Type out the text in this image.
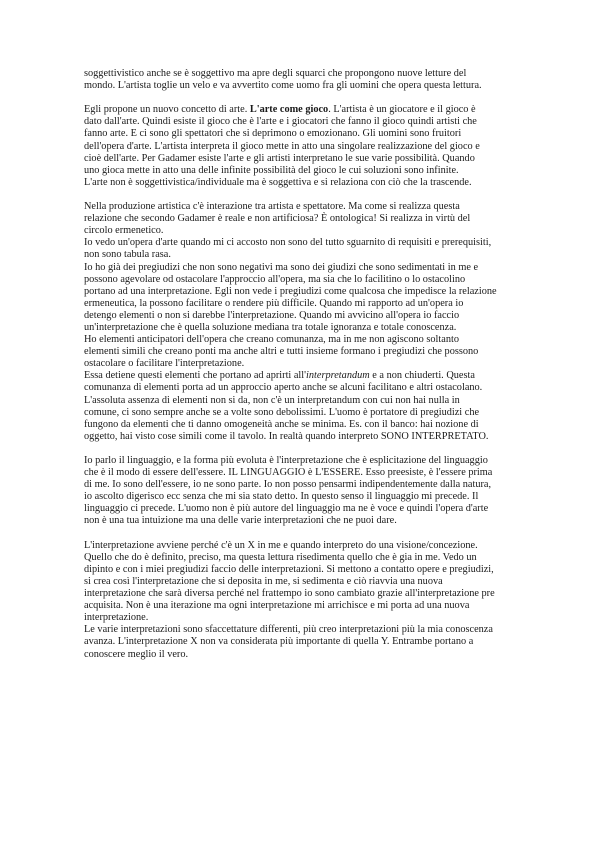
soggettivistico anche se è soggettivo ma apre degli squarci che propongono nuove letture del
mondo. L'artista toglie un velo e va avvertito come uomo fra gli uomini che opera questa lettura.
Egli propone un nuovo concetto di arte. L'arte come gioco. L'artista è un giocatore e il gioco è
dato dall'arte. Quindi esiste il gioco che è l'arte e i giocatori che fanno il gioco quindi artisti che
fanno arte. E ci sono gli spettatori che si deprimono o emozionano. Gli uomini sono fruitori
dell'opera d'arte. L'artista interpreta il gioco mette in atto una singolare realizzazione del gioco e
cioè dell'arte. Per Gadamer esiste l'arte e gli artisti interpretano le sue varie possibilità. Quando
uno gioca mette in atto una delle infinite possibilità del gioco le cui soluzioni sono infinite.
L'arte non è soggettivistica/individuale ma è soggettiva e si relaziona con ciò che la trascende.
Nella produzione artistica c'è interazione tra artista e spettatore. Ma come si realizza questa
relazione che secondo Gadamer è reale e non artificiosa? È ontologica! Si realizza in virtù del
circolo ermenetico.
Io vedo un'opera d'arte quando mi ci accosto non sono del tutto sguarnito di requisiti e prerequisiti,
non sono tabula rasa.
Io ho già dei pregiudizi che non sono negativi ma sono dei giudizi che sono sedimentati in me e
possono agevolare od ostacolare l'approccio all'opera, ma sia che lo facilitino o lo ostacolino
portano ad una interpretazione. Egli non vede i pregiudizi come qualcosa che impedisce la relazione
ermeneutica, la possono facilitare o rendere più difficile. Quando mi rapporto ad un'opera io
detengo elementi o non si darebbe l'interpretazione. Quando mi avvicino all'opera io faccio
un'interpretazione che è quella soluzione mediana tra totale ignoranza e totale conoscenza.
Ho elementi anticipatori dell'opera che creano comunanza, ma in me non agiscono soltanto
elementi simili che creano ponti ma anche altri e tutti insieme formano i pregiudizi che possono
ostacolare o facilitare l'interpretazione.
Essa detiene questi elementi che portano ad aprirti all'interpretandum e a non chiuderti. Questa
comunanza di elementi porta ad un approccio aperto anche se alcuni facilitano e altri ostacolano.
L'assoluta assenza di elementi non si da, non c'è un interpretandum con cui non hai nulla in
comune, ci sono sempre anche se a volte sono debolissimi. L'uomo è portatore di pregiudizi che
fungono da elementi che ti danno omogeneità anche se minima. Es. con il banco: hai nozione di
oggetto, hai visto cose simili come il tavolo. In realtà quando interpreto SONO INTERPRETATO.
Io parlo il linguaggio, e la forma più evoluta è l'interpretazione che è esplicitazione del linguaggio
che è il modo di essere dell'essere. IL LINGUAGGIO è L'ESSERE. Esso preesiste, è l'essere prima
di me. Io sono dell'essere, io ne sono parte. Io non posso pensarmi indipendentemente dalla natura,
io ascolto digerisco ecc senza che mi sia stato detto. In questo senso il linguaggio mi precede. Il
linguaggio ci precede. L'uomo non è più autore del linguaggio ma ne è voce e quindi l'opera d'arte
non è una tua intuizione ma una delle varie interpretazioni che ne puoi dare.
L'interpretazione avviene perché c'è un X in me e quando interpreto do una visione/concezione.
Quello che do è definito, preciso, ma questa lettura risedimenta quello che è gia in me. Vedo un
dipinto e con i miei pregiudizi faccio delle interpretazioni. Si mettono a contatto opere e pregiudizi,
si crea così l'interpretazione che si deposita in me, si sedimenta e ciò riavvia una nuova
interpretazione che sarà diversa perché nel frattempo io sono cambiato grazie all'interpretazione pre
acquisita. Non è una iterazione ma ogni interpretazione mi arrichisce e mi porta ad una nuova
interpretazione.
Le varie interpretazioni sono sfaccettature differenti, più creo interpretazioni più la mia conoscenza
avanza. L'interpretazione X non va considerata più importante di quella Y. Entrambe portano a
conoscere meglio il vero.
